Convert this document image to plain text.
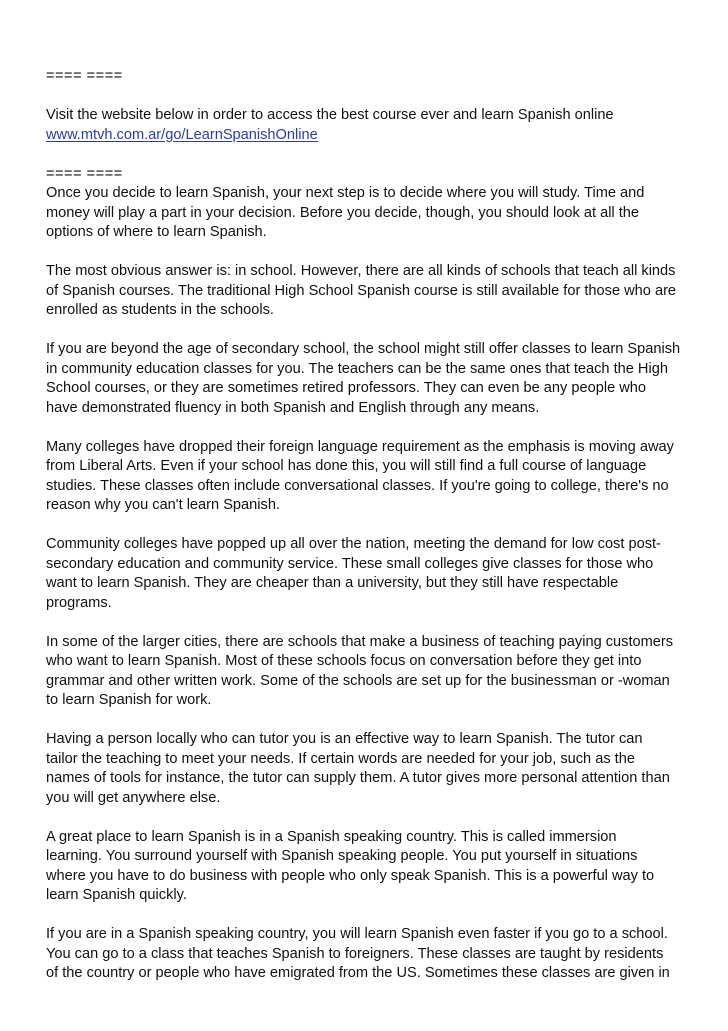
==== ====
Visit the website below in order to access the best course ever and learn Spanish online
www.mtvh.com.ar/go/LearnSpanishOnline
==== ====
Once you decide to learn Spanish, your next step is to decide where you will study. Time and
money will play a part in your decision. Before you decide, though, you should look at all the
options of where to learn Spanish.
The most obvious answer is: in school. However, there are all kinds of schools that teach all kinds
of Spanish courses. The traditional High School Spanish course is still available for those who are
enrolled as students in the schools.
If you are beyond the age of secondary school, the school might still offer classes to learn Spanish
in community education classes for you. The teachers can be the same ones that teach the High
School courses, or they are sometimes retired professors. They can even be any people who
have demonstrated fluency in both Spanish and English through any means.
Many colleges have dropped their foreign language requirement as the emphasis is moving away
from Liberal Arts. Even if your school has done this, you will still find a full course of language
studies. These classes often include conversational classes. If you're going to college, there's no
reason why you can't learn Spanish.
Community colleges have popped up all over the nation, meeting the demand for low cost post-
secondary education and community service. These small colleges give classes for those who
want to learn Spanish. They are cheaper than a university, but they still have respectable
programs.
In some of the larger cities, there are schools that make a business of teaching paying customers
who want to learn Spanish. Most of these schools focus on conversation before they get into
grammar and other written work. Some of the schools are set up for the businessman or -woman
to learn Spanish for work.
Having a person locally who can tutor you is an effective way to learn Spanish. The tutor can
tailor the teaching to meet your needs. If certain words are needed for your job, such as the
names of tools for instance, the tutor can supply them. A tutor gives more personal attention than
you will get anywhere else.
A great place to learn Spanish is in a Spanish speaking country. This is called immersion
learning. You surround yourself with Spanish speaking people. You put yourself in situations
where you have to do business with people who only speak Spanish. This is a powerful way to
learn Spanish quickly.
If you are in a Spanish speaking country, you will learn Spanish even faster if you go to a school.
You can go to a class that teaches Spanish to foreigners. These classes are taught by residents
of the country or people who have emigrated from the US. Sometimes these classes are given in
